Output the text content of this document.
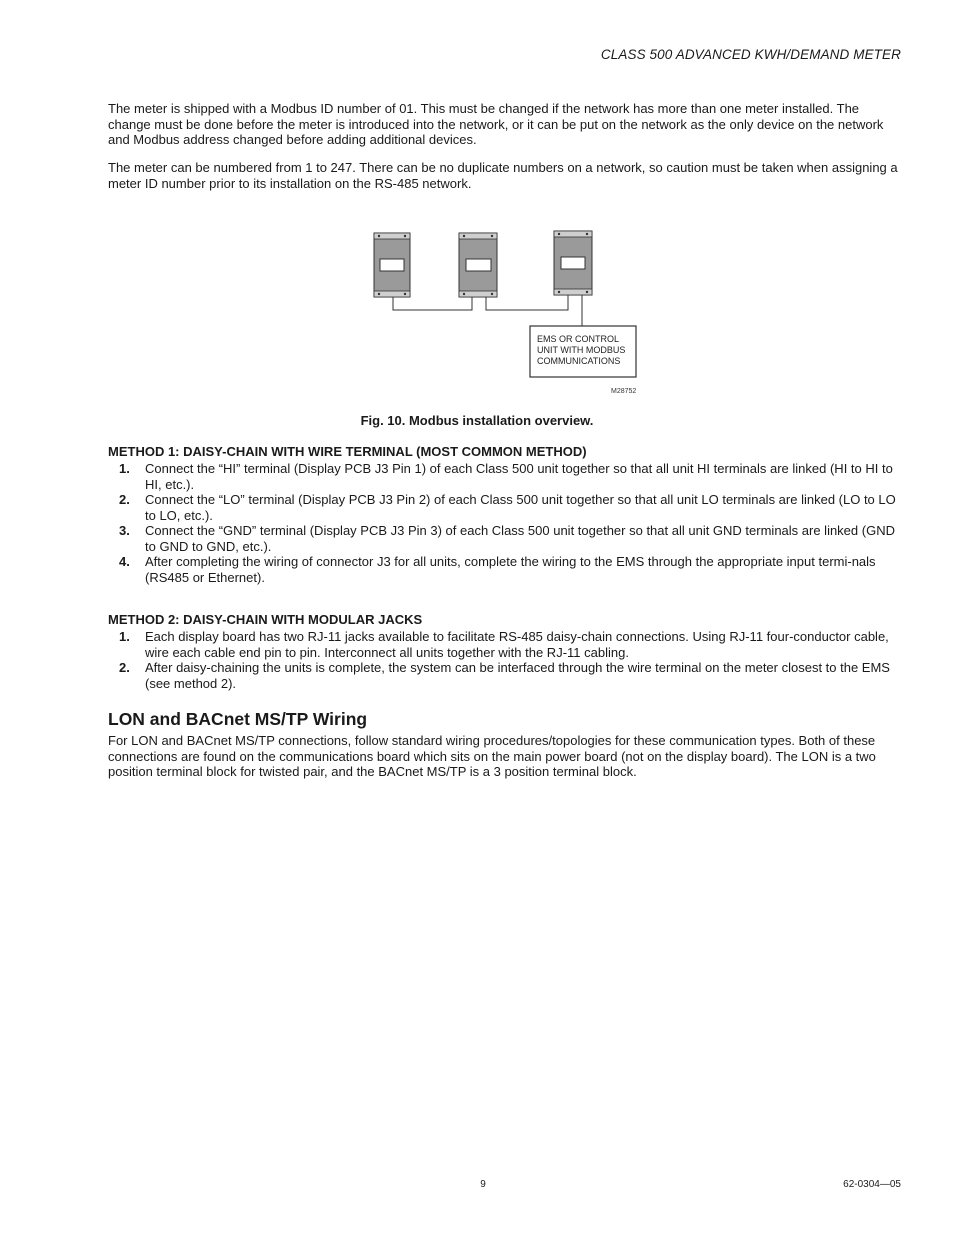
CLASS 500 ADVANCED KWH/DEMAND METER

The meter is shipped with a Modbus ID number of 01. This must be changed if the network has more than one meter installed. The change must be done before the meter is introduced into the network, or it can be put on the network as the only device on the network and Modbus address changed before adding additional devices.

The meter can be numbered from 1 to 247. There can be no duplicate numbers on a network, so caution must be taken when assigning a meter ID number prior to its installation on the RS-485 network.

EMS OR CONTROL
UNIT WITH MODBUS
COMMUNICATIONS
M28752
Fig. 10. Modbus installation overview.

METHOD 1: DAISY-CHAIN WITH WIRE TERMINAL (MOST COMMON METHOD)

1. Connect the “HI” terminal (Display PCB J3 Pin 1) of each Class 500 unit together so that all unit HI terminals are linked (HI to HI to HI, etc.).
2. Connect the “LO” terminal (Display PCB J3 Pin 2) of each Class 500 unit together so that all unit LO terminals are linked (LO to LO to LO, etc.).
3. Connect the “GND” terminal (Display PCB J3 Pin 3) of each Class 500 unit together so that all unit GND terminals are linked (GND to GND to GND, etc.).
4. After completing the wiring of connector J3 for all units, complete the wiring to the EMS through the appropriate input termi-nals (RS485 or Ethernet).

METHOD 2: DAISY-CHAIN WITH MODULAR JACKS

1. Each display board has two RJ-11 jacks available to facilitate RS-485 daisy-chain connections. Using RJ-11 four-conductor cable, wire each cable end pin to pin. Interconnect all units together with the RJ-11 cabling.
2. After daisy-chaining the units is complete, the system can be interfaced through the wire terminal on the meter closest to the EMS (see method 2).
LON and BACnet MS/TP Wiring

For LON and BACnet MS/TP connections, follow standard wiring procedures/topologies for these communication types. Both of these connections are found on the communications board which sits on the main power board (not on the display board). The LON is a two position terminal block for twisted pair, and the BACnet MS/TP is a 3 position terminal block.

9	62-0304—05
